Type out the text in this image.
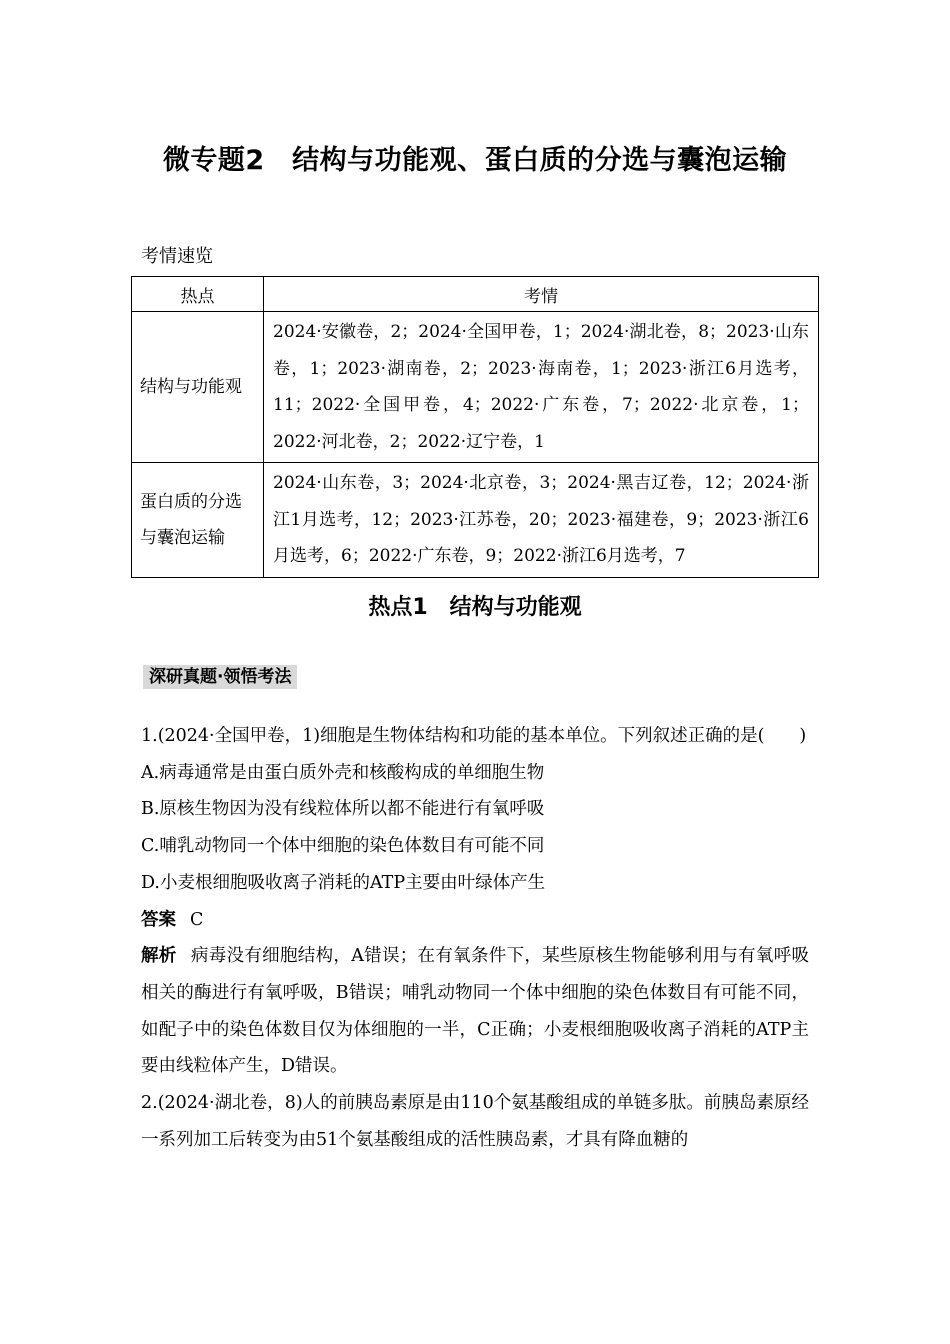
微专题2　结构与功能观、蛋白质的分选与囊泡运输
考情速览
热点	考情
结构与功能观	2024·安徽卷，2；2024·全国甲卷，1；2024·湖北卷，8；2023·山东卷，1；2023·湖南卷，2；2023·海南卷，1；2023·浙江6月选考，11；2022·全国甲卷，4；2022·广东卷，7；2022·北京卷，1；2022·河北卷，2；2022·辽宁卷，1
蛋白质的分选与囊泡运输	2024·山东卷，3；2024·北京卷，3；2024·黑吉辽卷，12；2024·浙江1月选考，12；2023·江苏卷，20；2023·福建卷，9；2023·浙江6月选考，6；2022·广东卷，9；2022·浙江6月选考，7
热点1　结构与功能观
深研真题·领悟考法

1.(2024·全国甲卷，1)细胞是生物体结构和功能的基本单位。下列叙述正确的是(　　)

A.病毒通常是由蛋白质外壳和核酸构成的单细胞生物

B.原核生物因为没有线粒体所以都不能进行有氧呼吸

C.哺乳动物同一个体中细胞的染色体数目有可能不同

D.小麦根细胞吸收离子消耗的ATP主要由叶绿体产生

答案 C

解析 病毒没有细胞结构，A错误；在有氧条件下，某些原核生物能够利用与有氧呼吸相关的酶进行有氧呼吸，B错误；哺乳动物同一个体中细胞的染色体数目有可能不同，如配子中的染色体数目仅为体细胞的一半，C正确；小麦根细胞吸收离子消耗的ATP主要由线粒体产生，D错误。

2.(2024·湖北卷，8)人的前胰岛素原是由110个氨基酸组成的单链多肽。前胰岛素原经一系列加工后转变为由51个氨基酸组成的活性胰岛素，才具有降血糖的
